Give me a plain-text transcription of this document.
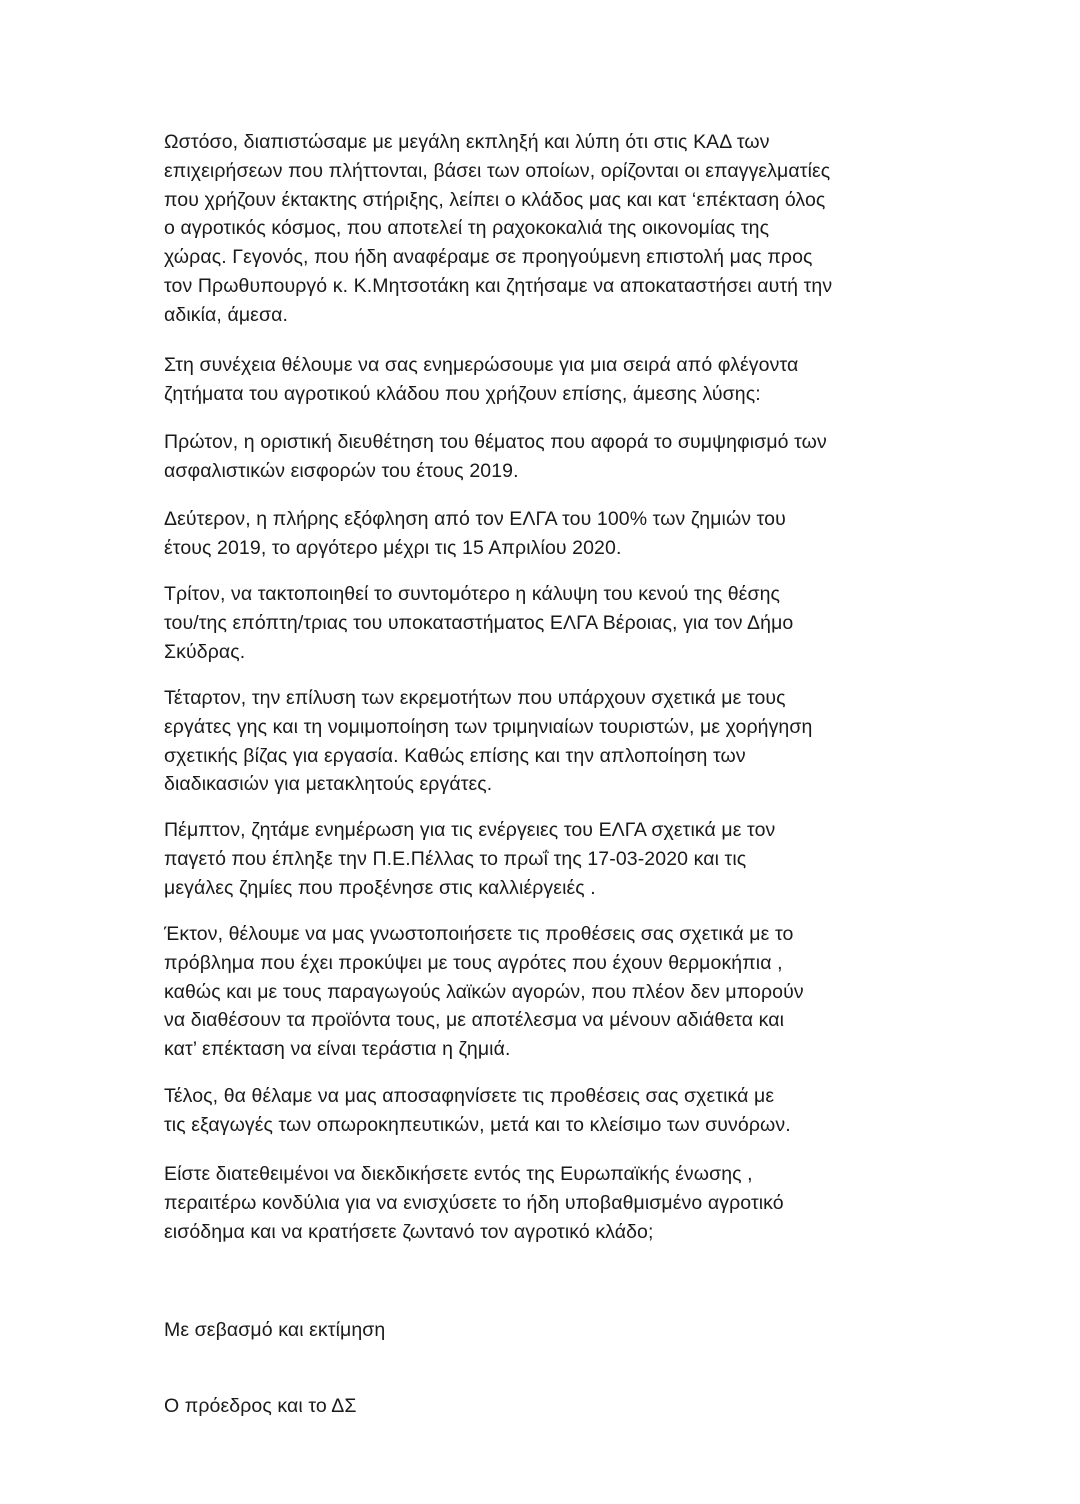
Ωστόσο, διαπιστώσαμε με μεγάλη εκπληξή και λύπη ότι στις ΚΑΔ των
επιχειρήσεων που πλήττονται, βάσει των οποίων, ορίζονται οι επαγγελματίες
που χρήζουν έκτακτης στήριξης, λείπει ο κλάδος μας και κατ ‘επέκταση όλος
ο αγροτικός κόσμος, που αποτελεί τη ραχοκοκαλιά της οικονομίας της
χώρας. Γεγονός, που ήδη αναφέραμε σε προηγούμενη επιστολή μας προς
τον Πρωθυπουργό κ. Κ.Μητσοτάκη και ζητήσαμε να αποκαταστήσει αυτή την
αδικία, άμεσα.
Στη συνέχεια θέλουμε να σας ενημερώσουμε για μια σειρά από φλέγοντα
ζητήματα του αγροτικού κλάδου που χρήζουν επίσης, άμεσης λύσης:
Πρώτον, η οριστική διευθέτηση του θέματος που αφορά το συμψηφισμό των
ασφαλιστικών εισφορών του έτους 2019.
Δεύτερον, η πλήρης εξόφληση από τον ΕΛΓΑ του 100% των ζημιών του
έτους 2019, το αργότερο μέχρι τις 15 Απριλίου 2020.
Τρίτον, να τακτοποιηθεί το συντομότερο η κάλυψη του κενού της θέσης
του/της επόπτη/τριας του υποκαταστήματος ΕΛΓΑ Βέροιας, για τον Δήμο
Σκύδρας.
Τέταρτον, την επίλυση των εκρεμοτήτων που υπάρχουν σχετικά με τους
εργάτες γης και τη νομιμοποίηση των τριμηνιαίων τουριστών, με χορήγηση
σχετικής βίζας για εργασία. Καθώς επίσης και την απλοποίηση των
διαδικασιών για μετακλητούς εργάτες.
Πέμπτον, ζητάμε ενημέρωση για τις ενέργειες του ΕΛΓΑ σχετικά με τον
παγετό που έπληξε την Π.Ε.Πέλλας το πρωΐ της 17-03-2020 και τις
μεγάλες ζημίες που προξένησε στις καλλιέργειές .
Έκτον, θέλουμε να μας γνωστοποιήσετε τις προθέσεις σας σχετικά με το
πρόβλημα που έχει προκύψει με τους αγρότες που έχουν θερμοκήπια ,
καθώς και με τους παραγωγούς λαϊκών αγορών, που πλέον δεν μπορούν
να διαθέσουν τα προϊόντα τους, με αποτέλεσμα να μένουν αδιάθετα και
κατ’ επέκταση να είναι τεράστια η ζημιά.
Τέλος, θα θέλαμε να μας αποσαφηνίσετε τις προθέσεις σας σχετικά με
τις εξαγωγές των οπωροκηπευτικών, μετά και το κλείσιμο των συνόρων.
Είστε διατεθειμένοι να διεκδικήσετε εντός της Ευρωπαϊκής ένωσης ,
περαιτέρω κονδύλια για να ενισχύσετε το ήδη υποβαθμισμένο αγροτικό
εισόδημα και να κρατήσετε ζωντανό τον αγροτικό κλάδο;
Με σεβασμό και εκτίμηση
Ο πρόεδρος και το ΔΣ
